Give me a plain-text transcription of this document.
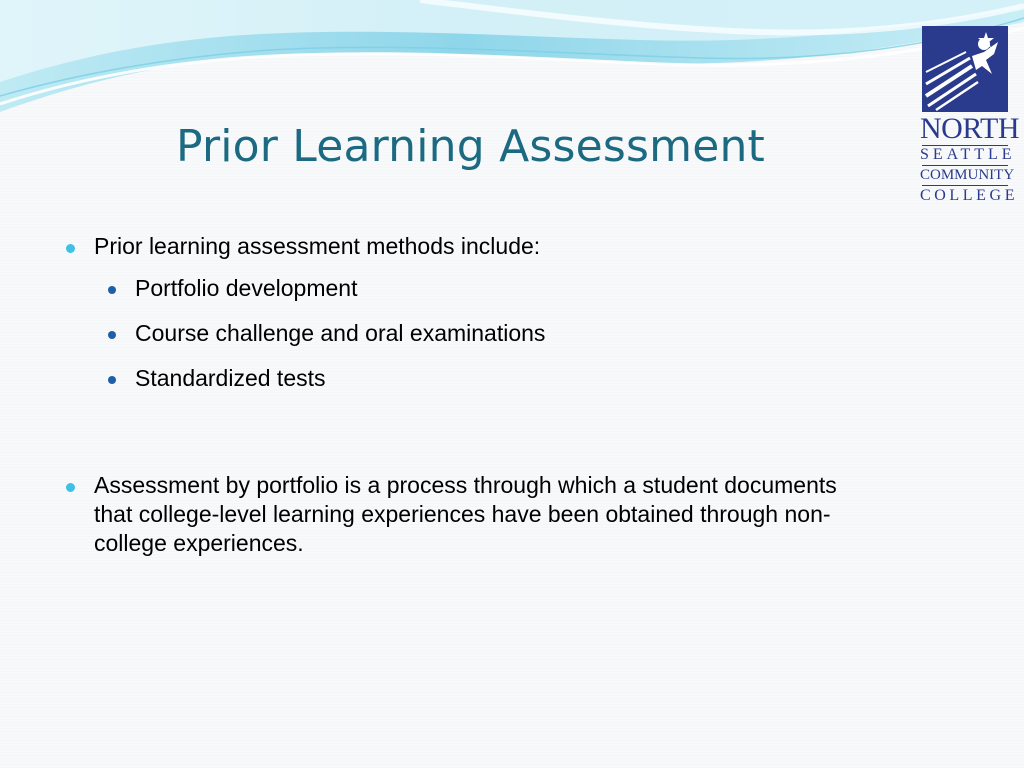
Prior Learning Assessment	NORTH
SEATTLE
COMMUNITY
COLLEGE
Prior learning assessment methods include:
Portfolio development
Course challenge and oral examinations
Standardized tests
Assessment by portfolio is a process through which a student documents
that college-level learning experiences have been obtained through non-
college experiences.
